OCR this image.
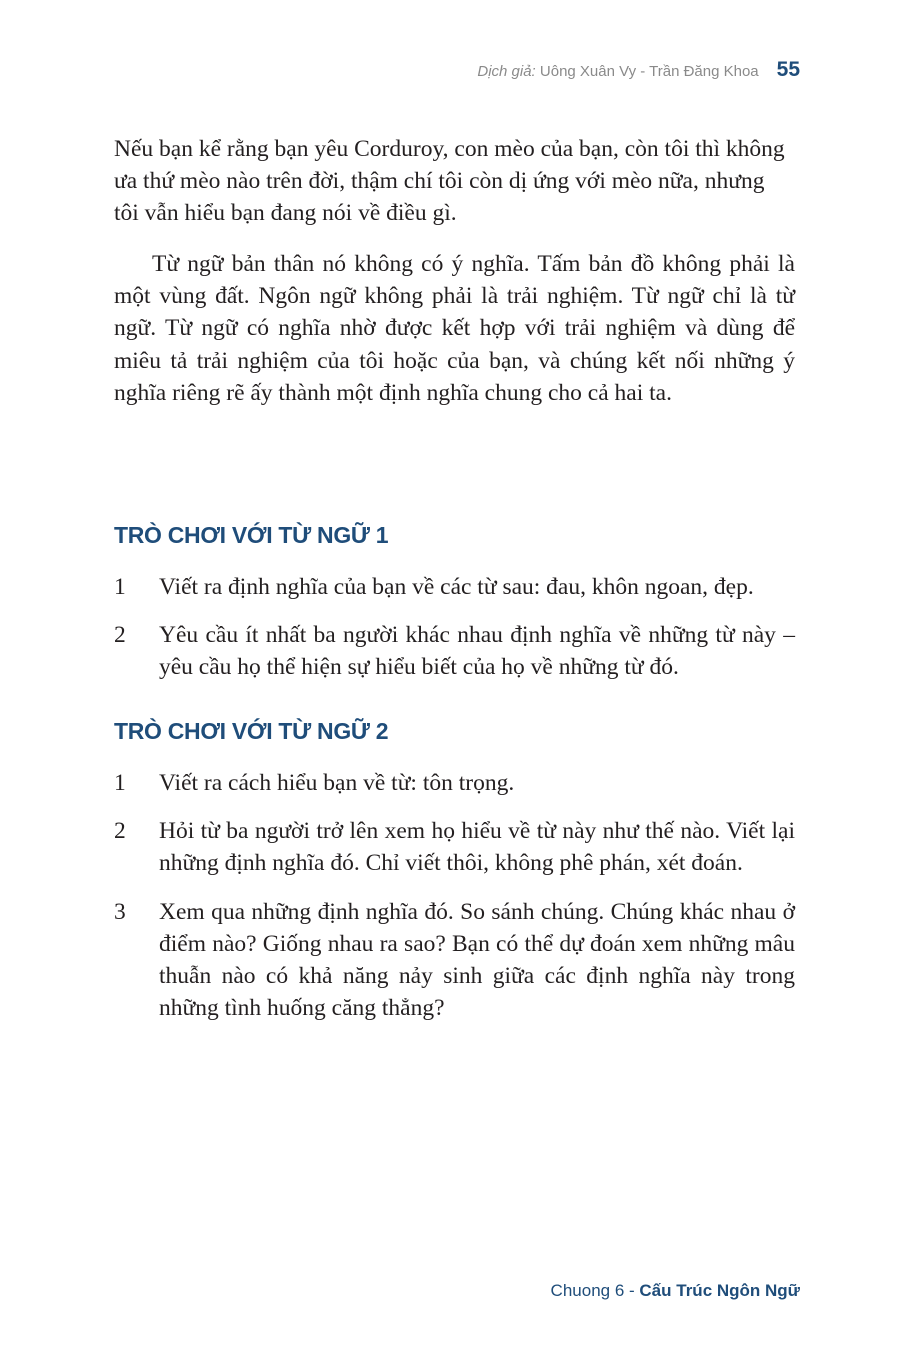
Dịch giả: Uông Xuân Vy - Trần Đăng Khoa 55

Nếu bạn kể rằng bạn yêu Corduroy, con mèo của bạn, còn tôi thì không ưa thứ mèo nào trên đời, thậm chí tôi còn dị ứng với mèo nữa, nhưng tôi vẫn hiểu bạn đang nói về điều gì.

Từ ngữ bản thân nó không có ý nghĩa. Tấm bản đồ không phải là một vùng đất. Ngôn ngữ không phải là trải nghiệm. Từ ngữ chỉ là từ ngữ. Từ ngữ có nghĩa nhờ được kết hợp với trải nghiệm và dùng để miêu tả trải nghiệm của tôi hoặc của bạn, và chúng kết nối những ý nghĩa riêng rẽ ấy thành một định nghĩa chung cho cả hai ta.

TRÒ CHƠI VỚI TỪ NGỮ 1
1	Viết ra định nghĩa của bạn về các từ sau: đau, khôn ngoan, đẹp.
2	Yêu cầu ít nhất ba người khác nhau định nghĩa về những từ này – yêu cầu họ thể hiện sự hiểu biết của họ về những từ đó.
TRÒ CHƠI VỚI TỪ NGỮ 2
1	Viết ra cách hiểu bạn về từ: tôn trọng.
2	Hỏi từ ba người trở lên xem họ hiểu về từ này như thế nào. Viết lại những định nghĩa đó. Chỉ viết thôi, không phê phán, xét đoán.
3	Xem qua những định nghĩa đó. So sánh chúng. Chúng khác nhau ở điểm nào? Giống nhau ra sao? Bạn có thể dự đoán xem những mâu thuẫn nào có khả năng nảy sinh giữa các định nghĩa này trong những tình huống căng thẳng?
Chuong 6 - Cấu Trúc Ngôn Ngữ
